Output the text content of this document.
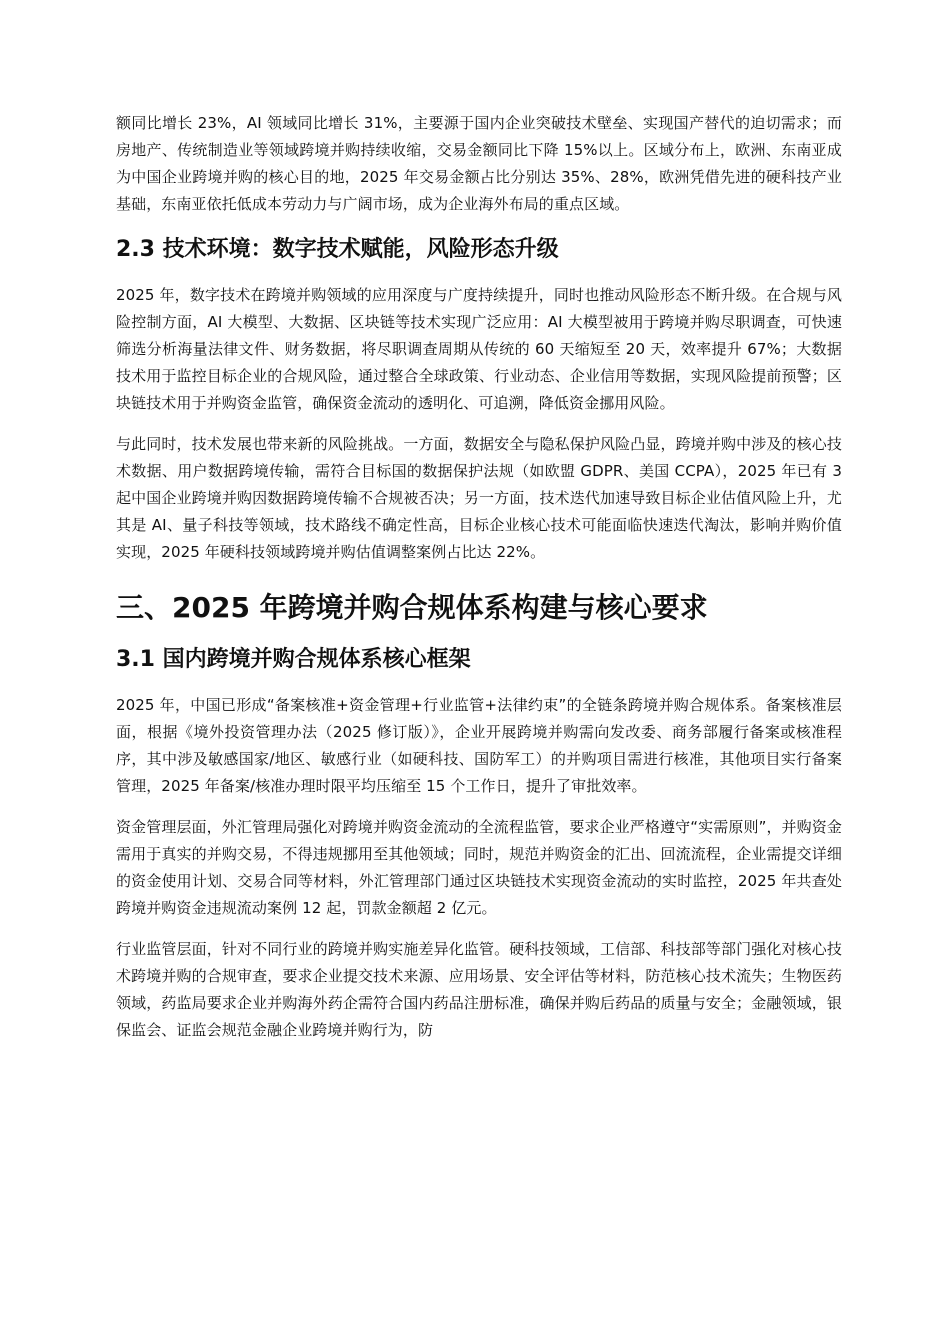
额同比增长 23%，AI 领域同比增长 31%，主要源于国内企业突破技术壁垒、实现国产替代的迫切需求；而房地产、传统制造业等领域跨境并购持续收缩，交易金额同比下降 15%以上。区域分布上，欧洲、东南亚成为中国企业跨境并购的核心目的地，2025 年交易金额占比分别达 35%、28%，欧洲凭借先进的硬科技产业基础，东南亚依托低成本劳动力与广阔市场，成为企业海外布局的重点区域。

2.3 技术环境：数字技术赋能，风险形态升级

2025 年，数字技术在跨境并购领域的应用深度与广度持续提升，同时也推动风险形态不断升级。在合规与风险控制方面，AI 大模型、大数据、区块链等技术实现广泛应用：AI 大模型被用于跨境并购尽职调查，可快速筛选分析海量法律文件、财务数据，将尽职调查周期从传统的 60 天缩短至 20 天，效率提升 67%；大数据技术用于监控目标企业的合规风险，通过整合全球政策、行业动态、企业信用等数据，实现风险提前预警；区块链技术用于并购资金监管，确保资金流动的透明化、可追溯，降低资金挪用风险。

与此同时，技术发展也带来新的风险挑战。一方面，数据安全与隐私保护风险凸显，跨境并购中涉及的核心技术数据、用户数据跨境传输，需符合目标国的数据保护法规（如欧盟 GDPR、美国 CCPA），2025 年已有 3 起中国企业跨境并购因数据跨境传输不合规被否决；另一方面，技术迭代加速导致目标企业估值风险上升，尤其是 AI、量子科技等领域，技术路线不确定性高，目标企业核心技术可能面临快速迭代淘汰，影响并购价值实现，2025 年硬科技领域跨境并购估值调整案例占比达 22%。

三、2025 年跨境并购合规体系构建与核心要求
3.1 国内跨境并购合规体系核心框架

2025 年，中国已形成“备案核准+资金管理+行业监管+法律约束”的全链条跨境并购合规体系。备案核准层面，根据《境外投资管理办法（2025 修订版）》，企业开展跨境并购需向发改委、商务部履行备案或核准程序，其中涉及敏感国家/地区、敏感行业（如硬科技、国防军工）的并购项目需进行核准，其他项目实行备案管理，2025 年备案/核准办理时限平均压缩至 15 个工作日，提升了审批效率。

资金管理层面，外汇管理局强化对跨境并购资金流动的全流程监管，要求企业严格遵守“实需原则”，并购资金需用于真实的并购交易，不得违规挪用至其他领域；同时，规范并购资金的汇出、回流流程，企业需提交详细的资金使用计划、交易合同等材料，外汇管理部门通过区块链技术实现资金流动的实时监控，2025 年共查处跨境并购资金违规流动案例 12 起，罚款金额超 2 亿元。

行业监管层面，针对不同行业的跨境并购实施差异化监管。硬科技领域，工信部、科技部等部门强化对核心技术跨境并购的合规审查，要求企业提交技术来源、应用场景、安全评估等材料，防范核心技术流失；生物医药领域，药监局要求企业并购海外药企需符合国内药品注册标准，确保并购后药品的质量与安全；金融领域，银保监会、证监会规范金融企业跨境并购行为，防
